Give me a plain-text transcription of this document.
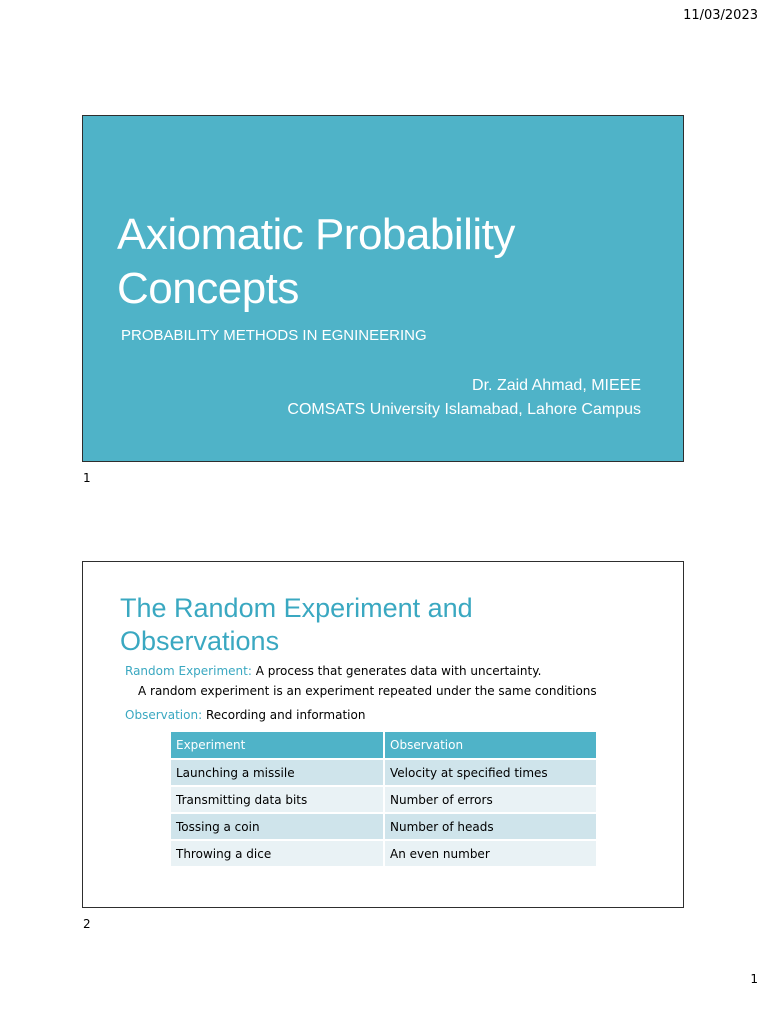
11/03/2023
Axiomatic Probability
Concepts
PROBABILITY METHODS IN EGNINEERING
Dr. Zaid Ahmad, MIEEE
COMSATS University Islamabad, Lahore Campus
1
The Random Experiment and
Observations
Random Experiment: A process that generates data with uncertainty.
A random experiment is an experiment repeated under the same conditions
Observation: Recording and information
Experiment	Observation
Launching a missile	Velocity at specified times
Transmitting data bits	Number of errors
Tossing a coin	Number of heads
Throwing a dice	An even number
2
1
